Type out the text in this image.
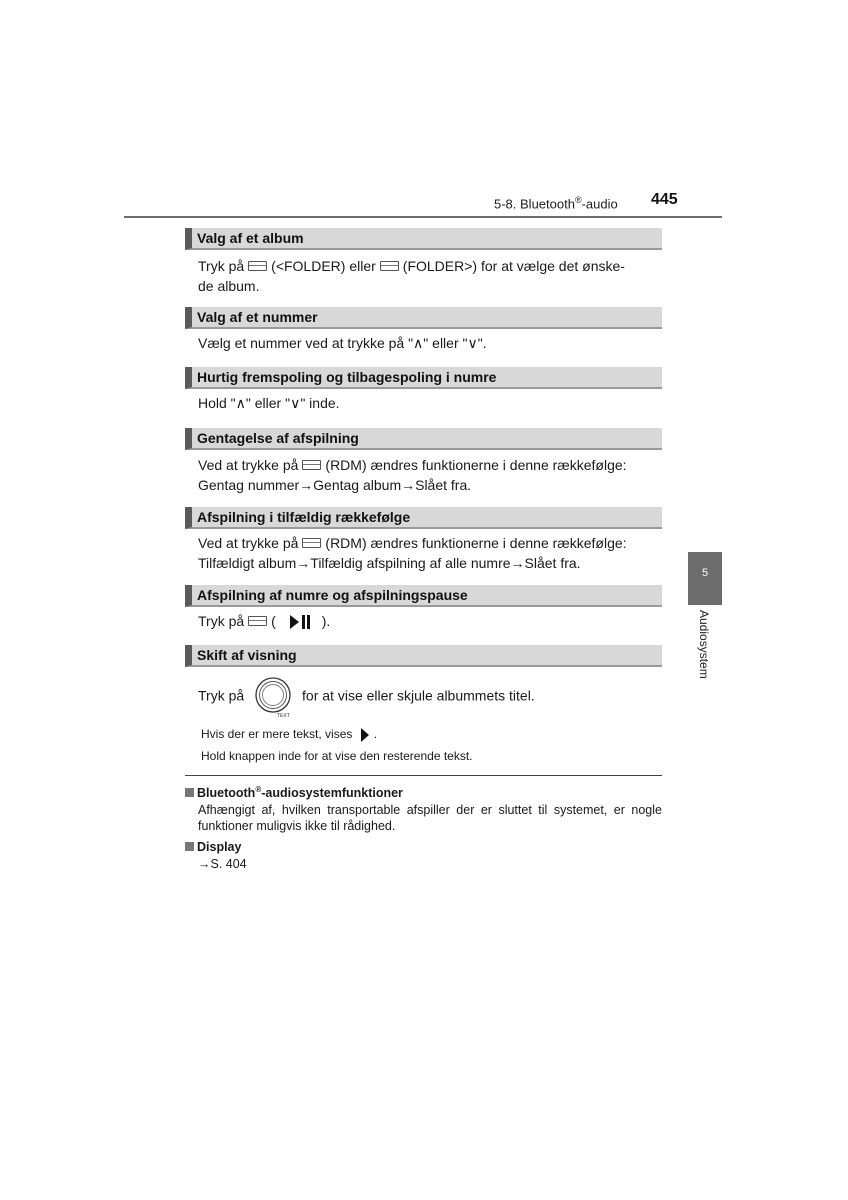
5-8. Bluetooth®-audio 445
5
Audiosystem
Valg af et album
Tryk på (<FOLDER) eller (FOLDER>) for at vælge det ønske-
de album.
Valg af et nummer
Vælg et nummer ved at trykke på "∧" eller "∨".
Hurtig fremspoling og tilbagespoling i numre
Hold "∧" eller "∨" inde.
Gentagelse af afspilning
Ved at trykke på (RDM) ændres funktionerne i denne rækkefølge:
Gentag nummer→Gentag album→Slået fra.
Afspilning i tilfældig rækkefølge
Ved at trykke på (RDM) ændres funktionerne i denne rækkefølge:
Tilfældigt album→Tilfældig afspilning af alle numre→Slået fra.
Afspilning af numre og afspilningspause
Tryk på (	).
Skift af visning
Tryk på
TEXT
for at vise eller skjule albummets titel.
Hvis der er mere tekst, vises .
Hold knappen inde for at vise den resterende tekst.
Bluetooth®-audiosystemfunktioner
Afhængigt af, hvilken transportable afspiller der er sluttet til systemet, er nogle funktioner muligvis ikke til rådighed.
Display
→S. 404
